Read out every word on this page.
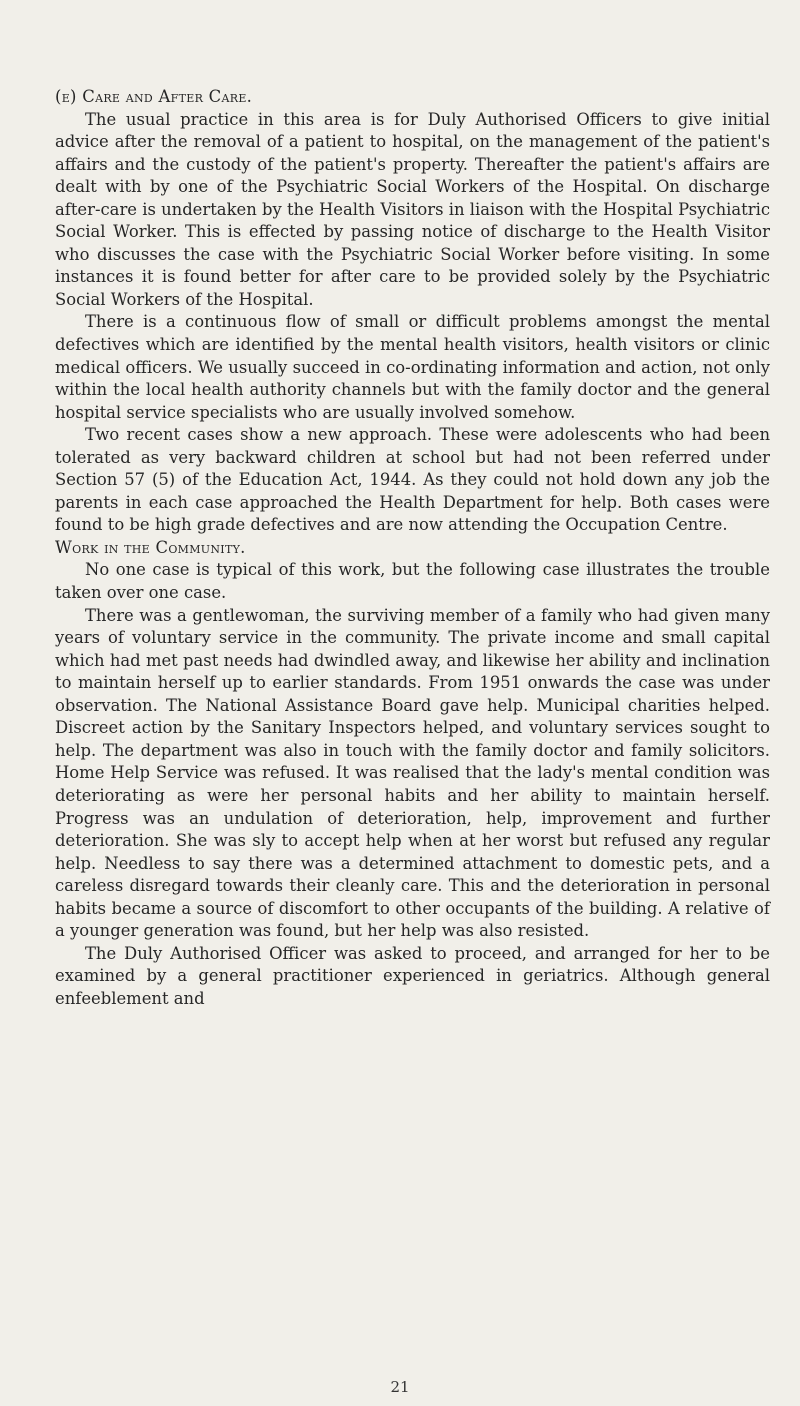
(e) Care and After Care.

The usual practice in this area is for Duly Authorised Officers to give initial advice after the removal of a patient to hospital, on the management of the patient's affairs and the custody of the patient's property. Thereafter the patient's affairs are dealt with by one of the Psychiatric Social Workers of the Hospital. On discharge after-care is undertaken by the Health Visitors in liaison with the Hospital Psychiatric Social Worker. This is effected by passing notice of discharge to the Health Visitor who discusses the case with the Psychiatric Social Worker before visiting. In some instances it is found better for after care to be provided solely by the Psychiatric Social Workers of the Hospital.

There is a continuous flow of small or difficult problems amongst the mental defectives which are identified by the mental health visitors, health visitors or clinic medical officers. We usually succeed in co-ordinating information and action, not only within the local health authority channels but with the family doctor and the general hospital service specialists who are usually involved somehow.

Two recent cases show a new approach. These were adolescents who had been tolerated as very backward children at school but had not been referred under Section 57 (5) of the Education Act, 1944. As they could not hold down any job the parents in each case approached the Health Department for help. Both cases were found to be high grade defectives and are now attending the Occupation Centre.

Work in the Community.

No one case is typical of this work, but the following case illustrates the trouble taken over one case.

There was a gentlewoman, the surviving member of a family who had given many years of voluntary service in the community. The private income and small capital which had met past needs had dwindled away, and likewise her ability and inclination to maintain herself up to earlier standards. From 1951 onwards the case was under observation. The National Assistance Board gave help. Municipal charities helped. Discreet action by the Sanitary Inspectors helped, and voluntary services sought to help. The department was also in touch with the family doctor and family solicitors. Home Help Service was refused. It was realised that the lady's mental condition was deteriorating as were her personal habits and her ability to maintain herself. Progress was an undulation of deterioration, help, improvement and further deterioration. She was sly to accept help when at her worst but refused any regular help. Needless to say there was a determined attachment to domestic pets, and a careless disregard towards their cleanly care. This and the deterioration in personal habits became a source of discomfort to other occupants of the building. A relative of a younger generation was found, but her help was also resisted.

The Duly Authorised Officer was asked to proceed, and arranged for her to be examined by a general practitioner experienced in geriatrics. Although general enfeeblement and

21
